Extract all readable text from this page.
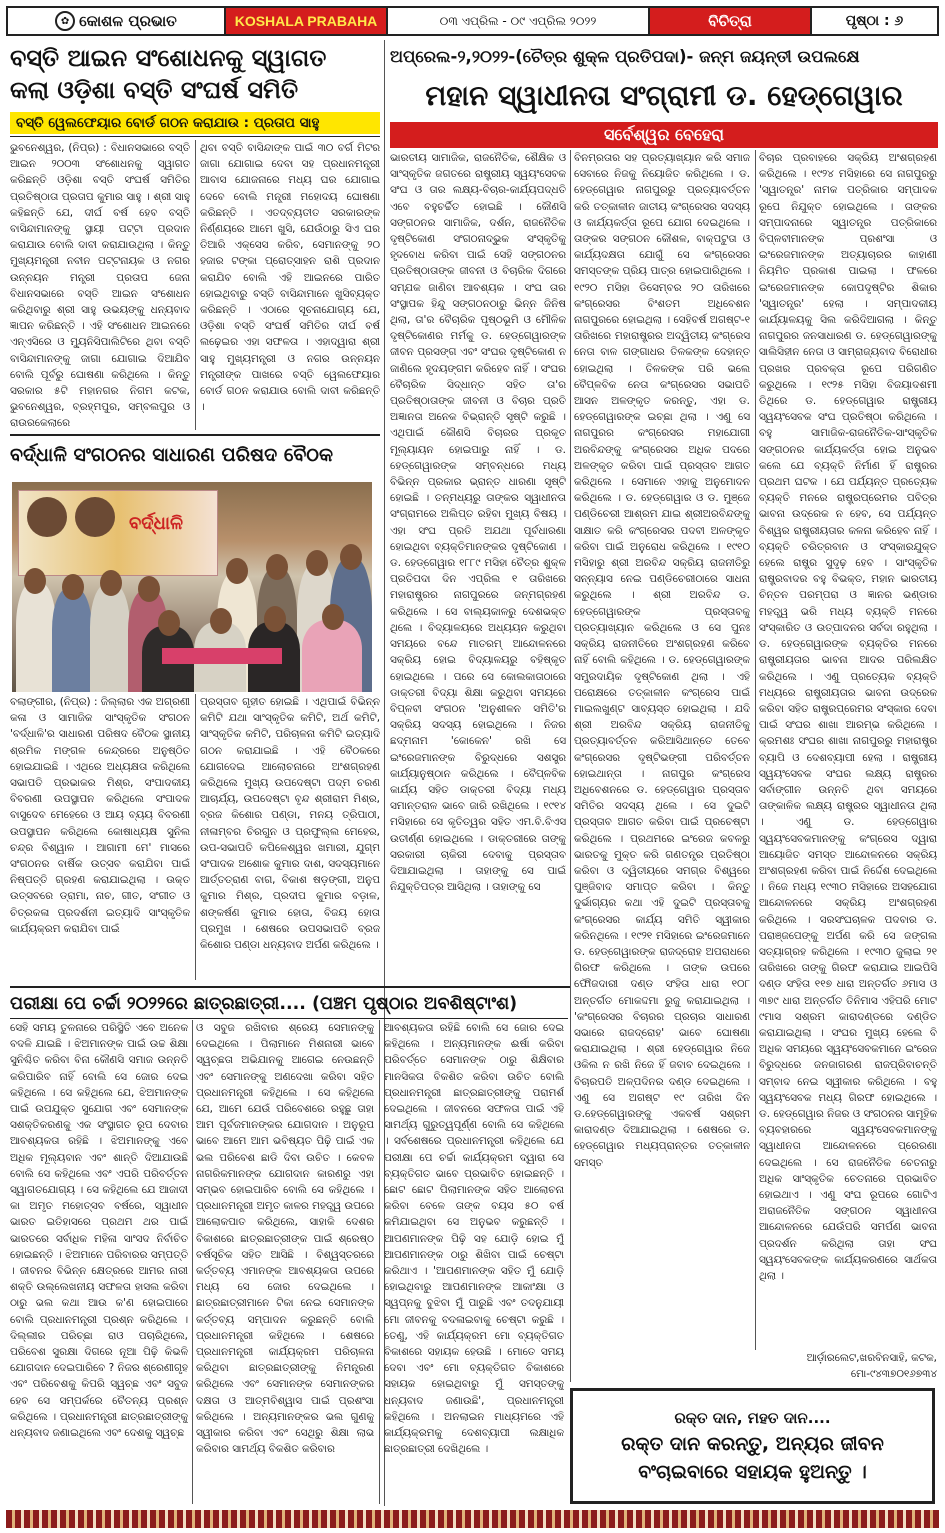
✿ କୋଶଳ ପ୍ରଭାତ	KOSHALA PRABAHA	୦୩ ଏପ୍ରିଲ - ୦୯ ଏପ୍ରିଲ ୨୦୨୨	ବିଚିତ୍ରା	ପୃଷ୍ଠା : ୬
ବସ୍ତି ଆଇନ ସଂଶୋଧନକୁ ସ୍ୱାଗତ
କଲା ଓଡ଼ିଶା ବସ୍ତି ସଂଘର୍ଷ ସମିତି
ବସ୍ତି ୱେଲଫେୟାର ବୋର୍ଡ ଗଠନ କରାଯାଉ : ପ୍ରତାପ ସାହୁ
ଭୁବନେଶ୍ୱର, (ନିପ୍ର) : ବିଧାନସଭାରେ ବସ୍ତି ଆଇନ ୨୦୦୩ ସଂଶୋଧନକୁ ସ୍ୱାଗତ କରିଛନ୍ତି ଓଡ଼ିଶା ବସ୍ତି ସଂଘର୍ଷ ସମିତିର ପ୍ରତିଷ୍ଠାତା ପ୍ରତାପ କୁମାର ସାହୁ । ଶ୍ରୀ ସାହୁ କହିଛନ୍ତି ଯେ, ଦୀର୍ଘ ବର୍ଷ ହେବ ବସ୍ତି ବାସିନ୍ଦାମାନଙ୍କୁ ସ୍ଥାୟୀ ପଟ୍ଟା ପ୍ରଦାନ କରାଯାଉ ବୋଲି ଦାବୀ କରାଯାଉଥିଲା । କିନ୍ତୁ ମୁଖ୍ୟମନ୍ତ୍ରୀ ନବୀନ ପଟ୍ଟନାୟକ ଓ ନଗର ଉନ୍ନୟନ ମନ୍ତ୍ରୀ ପ୍ରତାପ ଜେନା ବିଧାନସଭାରେ ବସ୍ତି ଆଇନ ସଂଶୋଧନ କରିଥିବାରୁ ଶ୍ରୀ ସାହୁ ଉଭୟଙ୍କୁ ଧନ୍ୟବାଦ ଜ୍ଞାପନ କରିଛନ୍ତି । ଏହି ସଂଶୋଧନ ଆଇନରେ ଏନ୍ଏସିରେ ଓ ମ୍ୟୁନିସିପାଲିଟିରେ ଥିବା ବସ୍ତି ବାସିନ୍ଦାମାନଙ୍କୁ ଜାଗା ଯୋଗାଇ ଦିଆଯିବ ବୋଲି ପୂର୍ବରୁ ଘୋଷଣା କରିଥିଲେ । କିନ୍ତୁ ସରକାର ୫ଟି ମହାନଗର ନିଗମ କଟକ, ଭୁବନେଶ୍ୱର, ବ୍ରହ୍ମପୁର, ସମ୍ବଲପୁର ଓ ରାଉରକେଲାରେ
ଥିବା ବସ୍ତି ବାସିନ୍ଦାଙ୍କ ପାଇଁ ୩୦ ବର୍ଗ ମିଟର ଜାଗା ଯୋଗାଇ ଦେବା ସହ ପ୍ରଧାନମନ୍ତ୍ରୀ ଆବାସ ଯୋଜନାରେ ମଧ୍ୟ ଘର ଯୋଗାଇ ଦେବେ ବୋଲି ମନ୍ତ୍ରୀ ମହୋଦୟ ଘୋଷଣା କରିଛନ୍ତି । ଏତଦ୍‌ବ୍ୟତୀତ ସରକାରଙ୍କ ନିର୍ଣ୍ଣୟରେ ଆମେ ଖୁସି, ଯେଉଁଠାରୁ ସିଏ ଘର ତିଆରି ଏକ୍ସେସ କରିବ, ସେମାନଙ୍କୁ ୨୦ ହଜାର ଟଙ୍କା ପ୍ରୋତ୍ସାହନ ରାଶି ପ୍ରଦାନ କରାଯିବ ବୋଲି ଏହି ଆଇନରେ ପାରିତ ହୋଇଥିବାରୁ ବସ୍ତି ବାସିନ୍ଦାମାନେ ଖୁସିବ୍ୟକ୍ତ କରିଛନ୍ତି । ଏଠାରେ ସୂଚନାଯୋଗ୍ୟ ଯେ, ଓଡ଼ିଶା ବସ୍ତି ସଂଘର୍ଷ ସମିତିର ଦୀର୍ଘ ବର୍ଷ ଲଢ଼େଇର ଏହା ସଫଳତା । ଏହାଦ୍ୱାରା ଶ୍ରୀ ସାହୁ ମୁଖ୍ୟମନ୍ତ୍ରୀ ଓ ନଗର ଉନ୍ନୟନ ମନ୍ତ୍ରୀଙ୍କ ପାଖରେ ବସ୍ତି ୱେଲଫେୟାର ବୋର୍ଡ ଗଠନ କରାଯାଉ ବୋଲି ଦାବୀ କରିଛନ୍ତି ।
ବର୍ଦ୍ଧାଳି ସଂଗଠନର ସାଧାରଣ ପରିଷଦ ବୈଠକ
ବର୍ଦ୍ଧାଳି
ବଲାଙ୍ଗୀର, (ନିପ୍ର) : ଜିଲ୍ଲାର ଏକ ଅଗ୍ରଣୀ କଳା ଓ ସାମାଜିକ ସାଂସ୍କୃତିକ ସଂଗଠନ 'ବର୍ଦ୍ଧାଳି'ର ସାଧାରଣ ପରିଷଦ ବୈଠକ ସ୍ଥାନୀୟ ଶ୍ରମିକ ମଙ୍ଗଳ କେନ୍ଦ୍ରରେ ଅନୁଷ୍ଠିତ ହୋଇଯାଇଛି । ଏଥିରେ ଅଧ୍ୟକ୍ଷତା କରିଥିଲେ ସଭାପତି ପ୍ରଭାକର ମିଶ୍ର, ସଂପାଦକୀୟ ବିବରଣୀ ଉପସ୍ଥାପନ କରିଥିଲେ ସଂପାଦକ ବାସୁଦେବ ମେହେରେ ଓ ଆୟ ବ୍ୟୟ ବିବରଣୀ ଉପସ୍ଥାପନ କରିଥିଲେ କୋଷାଧ୍ୟକ୍ଷ ସୁନିଲ ଚନ୍ଦ୍ର ବିଶ୍ୱାଳ । ଆଗାମୀ ମେ' ମାସରେ ସଂଗଠନର ବାର୍ଷିକ ଉତ୍ସବ କରାଯିବା ପାଇଁ ନିଷ୍ପତ୍ତି ଗ୍ରହଣ କରାଯାଇଥିଲା । ଉକ୍ତ ଉତ୍ସବରେ ଡ୍ରାମା, ନାଚ, ଗୀତ, ସଂଗୀତ ଓ ଚିତ୍ରକଳା ପ୍ରଦର୍ଶନୀ ଇତ୍ୟାଦି ସାଂସ୍କୃତିକ କାର୍ଯ୍ୟକ୍ରମ କରାଯିବା ପାଇଁ
ପ୍ରସ୍ତାବ ଗୃହୀତ ହୋଇଛି । ଏଥିପାଇଁ ବିଭିନ୍ନ କମିଟି ଯଥା ସାଂସ୍କୃତିକ କମିଟି, ଅର୍ଥ କମିଟି, ସାଂସ୍କୃତିକ କମିଟି, ପରିଚାଳନା କମିଟି ଇତ୍ୟାଦି ଗଠନ କରାଯାଇଛି । ଏହି ବୈଠକରେ ଯୋଗଦେଇ ଆଲୋଚନାରେ ଅଂଶଗ୍ରହଣ କରିଥିଲେ ମୁଖ୍ୟ ଉପଦେଷ୍ଟା ପଦ୍ମ ଚରଣ ଆଚାର୍ଯ୍ୟ, ଉପଦେଷ୍ଟା ବୃନ୍ଦ ଶ୍ରୀରାମ ମିଶ୍ର, ବ୍ରଜ କିଶୋର ପଣ୍ଡା, ମନୟ ତ୍ରିପାଠୀ, ନୀଳାମ୍ବର ଚିରଗୁନ ଓ ପ୍ରଫୁଲ୍ଲ ମେହେର, ଉପ-ସଭାପତି କପିଳେଶ୍ୱର ଖମାରୀ, ଯୁଗ୍ମ ସଂପାଦକ ଅଶୋକ କୁମାର ଦାଶ, ସଦସ୍ୟମାନେ ଆର୍ତ୍ତତ୍ରାଣ ବାଗ, ବିକାଶ ଷଡ଼ଙ୍ଗୀ, ଅନୁପ କୁମାର ମିଶ୍ର, ପ୍ରଦୀପ କୁମାର ବଡ଼ାଳ, ଶଙ୍କର୍ଷଣ କୁମାର ହୋତା, ବିଜୟ ହୋତା ପ୍ରମୁଖ । ଶେଷରେ ଉପସଭାପତି ବ୍ରଜ କିଶୋର ପଣ୍ଡା ଧନ୍ୟବାଦ ଅର୍ପଣ କରିଥିଲେ ।
ପରୀକ୍ଷା ପେ ଚର୍ଚ୍ଚା ୨୦୨୨ରେ ଛାତ୍ରଛାତ୍ରୀ.... (ପଞ୍ଚମ ପୃଷ୍ଠାର ଅବଶିଷ୍ଟାଂଶ)
ସେହି ସମୟ ତୁଳନାରେ ପରିସ୍ଥିତି ଏବେ ଅନେକ ବଦଳି ଯାଇଛି । ଝିଅମାନଙ୍କ ପାଇଁ ଉଚ୍ଚ ଶିକ୍ଷା ସୁନିଶ୍ଚିତ କରିବା ବିନା କୌଣସି ସମାଜ ଉନ୍ନତି କରିପାରିବ ନାହିଁ ବୋଲି ସେ ଜୋର ଦେଇ କହିଥିଲେ । ସେ କହିଥିଲେ ଯେ, ଝିଅମାନଙ୍କ ପାଇଁ ଉପଯୁକ୍ତ ସୁଯୋଗ ଏବଂ ସେମାନଙ୍କ ସଶକ୍ତିକରଣକୁ ଏକ ସଂସ୍ଥାଗତ ରୂପ ଦେବାର ଆବଶ୍ୟକତା ରହିଛି । ଝିଅମାନଙ୍କୁ ଏବେ ଅଧିକ ମୂଲ୍ୟବାନ ଏବଂ ଶାନ୍ତି ଦିଆଯାଉଛି ବୋଲି ସେ କହିଥିଲେ ଏବଂ ଏପରି ପରିବର୍ତ୍ତନ ସ୍ୱାଗତଯୋଗ୍ୟ । ସେ କହିଥିଲେ ଯେ ଆଜାଦୀ କା ଅମୃତ ମହୋତ୍ସବ ବର୍ଷରେ, ସ୍ୱାଧୀନ ଭାରତ ଇତିହାସରେ ପ୍ରଥମ ଥର ପାଇଁ ଭାରତରେ ସର୍ବାଧିକ ମହିଳା ସାଂସଦ ନିର୍ବାଚିତ ହୋଇଛନ୍ତି । ଝିଅମାନେ ପରିବାରର ସମ୍ପତ୍ତି । ଜୀବନର ବିଭିନ୍ନ କ୍ଷେତ୍ରରେ ଆମର ନାରୀ ଶକ୍ତି ଉଲ୍ଲେଖନୀୟ ସଫଳତା ହାସଲ କରିବା ଠାରୁ ଭଲ କଥା ଆଉ କ'ଣ ହୋଇପାରେ ବୋଲି ପ୍ରଧାନମନ୍ତ୍ରୀ ପ୍ରଶ୍ନ କରିଥିଲେ । ଦିଲ୍ଲୀର ପରିଚ୍ଛା ରାଓ ପଚାରିଥିଲେ, ପରିବେଶ ସୁରକ୍ଷା ଦିଗରେ ନୂଆ ପିଢ଼ି କିଭଳି ଯୋଗଦାନ ଦେଇପାରିବେ ? ନିଜର ଶ୍ରେଣୀଗୃହ ଏବଂ ପରିବେଶକୁ କିପରି ସ୍ୱଚ୍ଛ ଏବଂ ସବୁଜ ହେବ ସେ ସମ୍ପର୍କରେ ଚୈତନ୍ୟ ପ୍ରଶ୍ନ କରିଥିଲେ । ପ୍ରଧାନମନ୍ତ୍ରୀ ଛାତ୍ରଛାତ୍ରୀଙ୍କୁ ଧନ୍ୟବାଦ ଜଣାଇଥିଲେ ଏବଂ ଦେଶକୁ ସ୍ୱଚ୍ଛ
ଓ ସବୁଜ ରଖିବାର ଶ୍ରେୟ ସେମାନଙ୍କୁ ଦେଇଥିଲେ । ପିଲାମାନେ ମିଶନାରୀ ଭାବେ ସ୍ୱଚ୍ଛତା ଅଭିଯାନକୁ ଆଗେଇ ନେଉଛନ୍ତି ଏବଂ ସେମାନଙ୍କୁ ଅଣଦେଖା କରିବା ସହିତ ପ୍ରଧାନମନ୍ତ୍ରୀ କହିଥିଲେ । ସେ କହିଥିଲେ ଯେ, ଆମେ ଯେଉଁ ପରିବେଶରେ ରହୁଛୁ ତାହା ଆମ ପୂର୍ବଜମାନଙ୍କର ଯୋଗଦାନ । ଅନୁରୂପ ଭାବେ ଆମେ ଆମ ଭବିଷ୍ୟତ ପିଢ଼ି ପାଇଁ ଏକ ଭଲ ପରିବେଶ ଛାଡି ଦିବା ଉଚିତ । କେବଳ ନାଗରିକମାନଙ୍କ ଯୋଗଦାନ କାରଣରୁ ଏହା ସମ୍ଭବ ହୋଇପାରିବ ବୋଲି ସେ କହିଥିଲେ । ପ୍ରଧାନମନ୍ତ୍ରୀ ଅମୃତ କାଳର ମହତ୍ତ୍ୱ ଉପରେ ଆଲୋକପାତ କରିଥିଲେ, ସାହାକି ଦେଶର ବିକାଶରେ ଛାତ୍ରଛାତ୍ରୀଙ୍କ ପାଇଁ ଶ୍ରେଷ୍ଠ ବର୍ଷସୂଚିକ ସହିତ ଆସିଛି । ବିଶ୍ୱସ୍ତରରେ କର୍ତ୍ତବ୍ୟ ଏମାନଙ୍କ ଆବଶ୍ୟକତା ଉପରେ ମଧ୍ୟ ସେ ଜୋର ଦେଇଥିଲେ । ଛାତ୍ରଛାତ୍ରୀମାନେ ଟିକା ନେଇ ସେମାନଙ୍କ କର୍ତ୍ତବ୍ୟ ସମ୍ପାଦନ କରୁଛନ୍ତି ବୋଲି ପ୍ରଧାନମନ୍ତ୍ରୀ କହିଥିଲେ । ଶେଷରେ ପ୍ରଧାନମନ୍ତ୍ରୀ କାର୍ଯ୍ୟକ୍ରମ ପରିଚାଳନା କରିଥିବା ଛାତ୍ରଛାତ୍ରୀଙ୍କୁ ନିମନ୍ତ୍ରଣ କରିଥିଲେ ଏବଂ ସେମାନଙ୍କ ସେମାନଙ୍କର ଦକ୍ଷତା ଓ ଆତ୍ମବିଶ୍ୱାସ ପାଇଁ ପ୍ରଶଂସା କରିଥିଲେ । ଅନ୍ୟମାନଙ୍କର ଭଲ ଗୁଣକୁ ସ୍ୱୀକାର କରିବା ଏବଂ ସେଥିରୁ ଶିକ୍ଷା ଲାଭ କରିବାର ସାମର୍ଥ୍ୟ ବିକଶିତ କରିବାର
ଆବଶ୍ୟକତା ରହିଛି ବୋଲି ସେ ଜୋର ଦେଇ କହିଥିଲେ । ଅନ୍ୟମାନଙ୍କ ଈର୍ଷା କରିବା ପରିବର୍ତ୍ତେ ସେମାନଙ୍କ ଠାରୁ ଶିକ୍ଷିବାର ମାନସିକତା ବିକଶିତ କରିବା ଉଚିତ ବୋଲି ପ୍ରଧାନମନ୍ତ୍ରୀ ଛାତ୍ରଛାତ୍ରୀଙ୍କୁ ପରାମର୍ଶ ଦେଇଥିଲେ । ଜୀବନରେ ସଫଳତା ପାଇଁ ଏହି ସାମର୍ଥ୍ୟ ଗୁରୁତ୍ୱପୂର୍ଣ୍ଣ ବୋଲି ସେ କହିଥିଲେ । ସର୍ବଶେଷରେ ପ୍ରଧାନମନ୍ତ୍ରୀ କହିଥିଲେ ଯେ ପରୀକ୍ଷା ପେ ଚର୍ଚ୍ଚା କାର୍ଯ୍ୟକ୍ରମ ଦ୍ୱାରା ସେ ବ୍ୟକ୍ତିଗତ ଭାବେ ପ୍ରଭାବିତ ହୋଇଛନ୍ତି । ଛୋଟ ଛୋଟ ପିଲାମାନଙ୍କ ସହିତ ଆଲୋଚନା କରିବା ବେଳେ ତାଙ୍କ ବୟସ ୫୦ ବର୍ଷ କମିଯାଇଥିବା ସେ ଅନୁଭବ କରୁଛନ୍ତି । ଆପଣମାନଙ୍କ ପିଢ଼ି ସହ ଯୋଡ଼ି ହୋଇ ମୁଁ ଆପଣମାନଙ୍କ ଠାରୁ ଶିଖିବା ପାଇଁ ଚେଷ୍ଟା କରିଥାଏ । 'ଆପଣମାନଙ୍କ ସହିତ ମୁଁ ଯୋଡ଼ି ହୋଇଥିବାରୁ ଆପଣମାନଙ୍କ ଆକାଂକ୍ଷା ଓ ସ୍ୱପ୍ନକୁ ବୁଝିବା ମୁଁ ପାରୁଛି ଏବଂ ତଦନୁଯାୟୀ ମୋ ଜୀବନକୁ ବଦଳାଇବାକୁ ଚେଷ୍ଟା କରୁଛି । ତେଣୁ, ଏହି କାର୍ଯ୍ୟକ୍ରମ ମୋ ବ୍ୟକ୍ତିଗତ ବିକାଶରେ ସହାୟକ ହେଉଛି । ମୋତେ ସମୟ ଦେବା ଏବଂ ମୋ ବ୍ୟକ୍ତିଗତ ବିକାଶରେ ସହାୟକ ହୋଇଥିବାରୁ ମୁଁ ସମସ୍ତଙ୍କୁ ଧନ୍ୟବାଦ ଜଣାଉଛି', ପ୍ରଧାନମନ୍ତ୍ରୀ କହିଥିଲେ । ଅନଲାଇନ ମାଧ୍ୟମରେ ଏହି କାର୍ଯ୍ୟକ୍ରମକୁ ଦେଶବ୍ୟାପୀ ଲକ୍ଷାଧିକ ଛାତ୍ରଛାତ୍ରୀ ଦେଖିଥିଲେ ।
ଅପ୍ରେଲ-୨,୨୦୨୨-(ଚୈତ୍ର ଶୁକ୍ଳ ପ୍ରତିପଦା)- ଜନ୍ମ ଜୟନ୍ତୀ ଉପଲକ୍ଷେ
ମହାନ ସ୍ୱାଧୀନତା ସଂଗ୍ରାମୀ ଡ. ହେଡ୍‌ଗେୱାର
ସର୍ବେଶ୍ୱର ବେହେରା
ଭାରତୀୟ ସାମାଜିକ, ରାଜନୈତିକ, ଶୈକ୍ଷିକ ଓ ସାଂସ୍କୃତିକ ଜଗତରେ ରାଷ୍ଟ୍ରୀୟ ସ୍ୱୟଂସେବକ ସଂଘ ଓ ତାର ଲକ୍ଷ୍ୟ-ବିଚାର-କାର୍ଯ୍ୟପଦ୍ଧତି ଏବେ ବହୁଚର୍ଚ୍ଚିତ ହୋଇଛି । କୌଣସି ସଙ୍ଗଠନର ସାମାଜିକ, ଦର୍ଶନ, ରାଜନୈତିକ ଦୃଷ୍ଟିକୋଣ ସଂଗଠନାଦ୍ଭୁକ ସଂସ୍କୃତିକୁ ହୃଦବୋଧ କରିବା ପାଇଁ ସେହି ସଙ୍ଗଠନର ପ୍ରତିଷ୍ଠାତାଙ୍କ ଜୀବନୀ ଓ ବିଚାରିକ ଦିଗରେ ସମ୍ଯକ ଜାଣିବା ଆବଶ୍ୟକ । ସଂଘ ତାର ସଂସ୍ଥାପକ ହିନ୍ଦୁ ସଙ୍ଗଠନଠାରୁ ଭିନ୍ନ ଜିନିଷ ଥିଲା, ତା'ର ବୈଚାରିକ ପୃଷ୍ଠଭୂମି ଓ ମୌଳିକ ଦୃଷ୍ଟିକୋଣର ମର୍ମକୁ ଡ. ହେଡ୍‌ଗେୱାରଙ୍କ ଜୀବନ ପ୍ରସଙ୍ଗ ଏବଂ ସଂଘର ଦୃଷ୍ଟିକୋଣ ନ ଜାଣିଲେ ହୃଦୟଙ୍ଗମ କରିହେବ ନାହିଁ । ସଂଘର ବୈଚାରିକ ସିଦ୍ଧାନ୍ତ ସହିତ ତା'ର ପ୍ରତିଷ୍ଠାତାଙ୍କ ଜୀବନୀ ଓ ବିଚାର ପ୍ରତି ଅଜ୍ଞାନତା ଅନେକ ବିଭ୍ରାନ୍ତି ସୃଷ୍ଟି କରୁଛି । ଏଥିପାଇଁ କୌଣସି ବିଚାରର ପ୍ରକୃତ ମୂଲ୍ୟାୟନ ହୋଇପାରୁ ନାହିଁ । ଡ. ହେଡ୍‌ଗେୱାରଙ୍କ ସମ୍ବନ୍ଧରେ ମଧ୍ୟ ବିଭିନ୍ନ ପ୍ରକାର ଭ୍ରାନ୍ତ ଧାରଣା ସୃଷ୍ଟି ହୋଇଛି । ତନ୍ମଧ୍ୟରୁ ତାଙ୍କର ସ୍ୱାଧୀନତା ସଂଗ୍ରାମରେ ଅଲିପ୍ତ ରହିବା ମୁଖ୍ୟ ବିଷୟ । ଏହା ସଂଘ ପ୍ରତି ଅଯଥା ପୂର୍ବଧାରଣା ହୋଇଥିବା ବ୍ୟକ୍ତିମାନଙ୍କର ଦୃଷ୍ଟିକୋଣ । ଡ. ହେଡ୍‌ଗେୱାର ୧୮୮୯ ମସିହା ଚୈତ୍ର ଶୁକ୍ଳ ପ୍ରତିପଦା ଦିନ ଏପ୍ରିଲ ୧ ତାରିଖରେ ମହାରାଷ୍ଟ୍ରର ନାଗପୁରରେ ଜନ୍ମଗ୍ରହଣ କରିଥିଲେ । ସେ ବାଲ୍ୟକାଳରୁ ଦେଶଭକ୍ତ ଥିଲେ । ବିଦ୍ୟାଳୟରେ ଅଧ୍ୟୟନ କରୁଥିବା ସମୟରେ ବନ୍ଦେ ମାତରମ୍ ଆନ୍ଦୋଳନରେ ସକ୍ରିୟ ହୋଇ ବିଦ୍ୟାଳୟରୁ ବହିଷ୍କୃତ ହୋଇଥିଲେ । ପରେ ସେ କୋଲକାତାଠାରେ ଡାକ୍ତରୀ ବିଦ୍ୟା ଶିକ୍ଷା କରୁଥିବା ସମୟରେ ବିପ୍ଳବୀ ସଂଗଠନ 'ଅନୁଶୀଳନ ସମିତି'ର ସକ୍ରିୟ ସଦସ୍ୟ ହୋଇଥିଲେ । ନିଜର ଛଦ୍ମନାମ 'କୋକେନ' ରଖି ସେ ଇଂରେଜମାନଙ୍କ ବିରୁଦ୍ଧରେ ସଶସ୍ତ୍ର କାର୍ଯ୍ୟାନୁଷ୍ଠାନ କରିଥିଲେ । ବୈପ୍ଳବିକ କାର୍ଯ୍ୟ ସହିତ ଡାକ୍ତରୀ ବିଦ୍ୟା ମଧ୍ୟ ସମାନ୍ତରାଳ ଭାବେ ଜାରି ରଖିଥିଲେ । ୧୯୧୪ ମସିହାରେ ସେ କୃତିତ୍ୱର ସହିତ ଏମ.ବି.ବିଏସ ଉତୀର୍ଣ୍ଣ ହୋଇଥିଲେ । ଡାକ୍ତରୀରେ ତାଙ୍କୁ ସରକାରୀ ଚାକିରୀ ଦେବାକୁ ପ୍ରସ୍ତାବ ଦିଆଯାଇଥିଲା । ତାହାଙ୍କୁ ସେ ପାଇଁ ନିଯୁକ୍ତିପତ୍ର ଆସିଥିଲା । ତାହାଙ୍କୁ ସେ
ବିନମ୍ରତାର ସହ ପ୍ରତ୍ୟାଖ୍ୟାନ କରି ସମାଜ ସେବାରେ ନିଜକୁ ନିୟୋଜିତ କରିଥିଲେ । ଡ. ହେଡ୍‌ଗେୱାର ନାଗପୁରରୁ ପ୍ରତ୍ୟାବର୍ତ୍ତନ କରି ତତ୍କାଳୀନ ଜାତୀୟ କଂଗ୍ରେସର ସଦସ୍ୟ ଓ କାର୍ଯ୍ୟକର୍ତ୍ତା ରୂପେ ଯୋଗ ଦେଇଥିଲେ । ତାଙ୍କର ସଙ୍ଗଠନ କୌଶଳ, ବାକ୍‌ପଟୁତା ଓ କାର୍ଯ୍ୟଦକ୍ଷତା ଯୋଗୁଁ ସେ କଂଗ୍ରେସର ସମସ୍ତଙ୍କ ପ୍ରିୟ ପାତ୍ର ହୋଇପାରିଥିଲେ । ୧୯୨୦ ମସିହା ଡିସେମ୍ବର ୨୦ ତାରିଖରେ କଂଗ୍ରେସର ବିଂଶତମ ଅଧିବେଶନ ନାଗପୁରରେ ହୋଇଥିଲା । ସେହିବର୍ଷ ଅଗଷ୍ଟ-୧ ତାରିଖରେ ମହାରାଷ୍ଟ୍ରର ଅଦ୍ୱିତୀୟ କଂଗ୍ରେସ ନେତା ବାଳ ଗଙ୍ଗାଧର ତିଳକଙ୍କ ଦେହାନ୍ତ ହୋଇଥିଲା । ତିଳକଙ୍କ ପରି ଭଲେ ବୈପ୍ଳବିକ ନେତା କଂଗ୍ରେସର ସଭାପତି ଆସନ ଅଳଙ୍କୃତ କରନ୍ତୁ, ଏହା ଡ. ହେଡ୍‌ଗେୱାରଙ୍କ ଇଚ୍ଛା ଥିଲା । ଏଣୁ ସେ ନାଗପୁରର କଂଗ୍ରେସର ମହାଯୋଗୀ ଅରବିନ୍ଦଙ୍କୁ କଂଗ୍ରେସର ଅଧିକ ପଦରେ ଅଳଙ୍କୃତ କରିବା ପାଇଁ ପ୍ରସ୍ତାବ ଆଗତ କରିଥିଲେ । ସେମାନେ ଏହାକୁ ଅନୁମୋଦନ କରିଥିଲେ । ଡ. ହେଡ୍‌ଗେୱାର ଓ ଡ. ମୁଞ୍ଜେ ପଣ୍ଡିଚେରୀ ଆଶ୍ରମ ଯାଇ ଶ୍ରୀଅରବିନ୍ଦଙ୍କୁ ସାକ୍ଷାତ କରି କଂଗ୍ରେସର ପଦବୀ ଅଳଙ୍କୃତ କରିବା ପାଇଁ ଅନୁରୋଧ କରିଥିଲେ । ୧୯୧୦ ମସିହାରୁ ଶ୍ରୀ ଅରବିନ୍ଦ ସକ୍ରିୟ ରାଜନୀତିରୁ ସନ୍ନ୍ୟାସ ନେଇ ପଣ୍ଡିଚେରୀଠାରେ ସାଧନା କରୁଥିଲେ । ଶ୍ରୀ ଅରବିନ୍ଦ ଡ. ହେଡ୍‌ଗେୱାରଙ୍କ ପ୍ରସ୍ତାବକୁ ପ୍ରତ୍ୟାଖ୍ୟାନ କରିଥିଲେ ଓ ସେ ପୁନଃ ସକ୍ରିୟ ରାଜନୀତିରେ ଅଂଶଗ୍ରହଣ କରିବେ ନାହିଁ ବୋଲି କହିଥିଲେ । ଡ. ହେଡ୍‌ଗେୱାରଙ୍କ ସମ୍ପ୍ରଦାୟିକ ଦୃଷ୍ଟିକୋଣ ଥିଲା । ଏହି ପରୋକ୍ଷରେ ତତ୍କାଳୀନ କଂଗ୍ରେସ ପାଇଁ ମାଇଲଖୁଣ୍ଟ ସାବ୍ୟସ୍ତ ହୋଇଥିଲା । ଯଦି ଶ୍ରୀ ଅରବିନ୍ଦ ସକ୍ରିୟ ରାଜନୀତିକୁ ପ୍ରତ୍ୟାବର୍ତ୍ତନ କରିଆସିଥାନ୍ତେ ତେବେ କଂଗ୍ରେସର ଦୃଷ୍ଟିଭଙ୍ଗୀ ପରିବର୍ତ୍ତନ ହୋଇଥାନ୍ତା । ନାଗପୁର କଂଗ୍ରେସ ଅଧିବେଶନରେ ଡ. ହେଡ୍‌ଗେୱାର ପ୍ରସ୍ତାବ ସମିତିର ସଦସ୍ୟ ଥିଲେ । ସେ ଦୁଇଟି ପ୍ରସ୍ତାବ ଆଗତ କରିବା ପାଇଁ ପ୍ରଚେଷ୍ଟା କରିଥିଲେ । ପ୍ରଥମରେ ଇଂରେଜ କବଳରୁ ଭାରତକୁ ମୁକ୍ତ କରି ଗଣତନ୍ତ୍ର ପ୍ରତିଷ୍ଠା କରିବା ଓ ଦ୍ୱିତୀୟରେ ସମଗ୍ର ବିଶ୍ୱରେ ପୁଞ୍ଜିବାଦ ସମାପ୍ତ କରିବା । କିନ୍ତୁ ଦୁର୍ଭାଗ୍ୟର କଥା ଏହି ଦୁଇଟି ପ୍ରସ୍ତାବକୁ କଂଗ୍ରେସର କାର୍ଯ୍ୟ ସମିତି ସ୍ୱୀକାର କରିନଥିଲେ । ୧୯୨୧ ମସିହାରେ ଇଂରେଜମାନେ ଡ. ହେଡ୍‌ଗେୱାରଙ୍କ ରାଜଦ୍ରୋହ ଅପରାଧରେ ଗିରଫ କରିଥିଲେ । ତାଙ୍କ ଉପରେ ଫୌଜଦାରୀ ଦଣ୍ଡ ସଂହିତା ଧାରା ୧୦୮ ଅନ୍ତର୍ଗତ ମୋକଦ୍ଦମା ରୁଜୁ କରାଯାଇଥିଲା । 'କଂଗ୍ରେସର ବିଚାରର ପ୍ରଚାର ସାଧାରଣ ସଭାରେ ରାଜଦ୍ରୋହ' ଭାବେ ଘୋଷଣା କରାଯାଇଥିଲା । ଶ୍ରୀ ହେଡ୍‌ଗେୱାର ନିଜେ ଓକିଲ ନ ରଖି ନିଜେ ହିଁ ଜବାବ ଦେଇଥିଲେ । ବିଚାରପତି ଅଳ୍ପଦିନର ଦଣ୍ଡ ଦେଇଥିଲେ । ଏଣୁ ସେ ଅଗଷ୍ଟ ୧୯ ତାରିଖ ଦିନ ଡ.ହେଡ୍‌ଗେୱାରଙ୍କୁ ଏକବର୍ଷ ସଶ୍ରମ କାରାଦଣ୍ଡ ଦିଆଯାଇଥିଲା । ଶେଷରେ ଡ. ହେଡ୍‌ଗେୱାର ମଧ୍ୟପ୍ରାନ୍ତର ତତ୍କାଳୀନ ସମସ୍ତ
ବିଚାର ପ୍ରବାହରେ ସକ୍ରିୟ ଅଂଶଗ୍ରହଣ କରିଥିଲେ । ୧୯୨୪ ମସିହାରେ ସେ ନାଗପୁରରୁ 'ସ୍ୱାତନ୍ତ୍ର' ନାମକ ପତ୍ରିକାର ସମ୍ପାଦକ ରୂପେ ନିଯୁକ୍ତ ହୋଇଥିଲେ । ତାଙ୍କର ସମ୍ପାଦନାରେ ସ୍ୱାତନ୍ତ୍ର ପତ୍ରିକାରେ ବିପ୍ଳବୀମାନଙ୍କ ପ୍ରଶଂସା ଓ ଇଂରେଜମାନଙ୍କ ଅତ୍ୟାଚାରର କାହାଣୀ ନିୟମିତ ପ୍ରକାଶ ପାଇଲା । ଫଳରେ ଇଂରେଜମାନଙ୍କ କୋପଦୃଷ୍ଟିର ଶିକାର 'ସ୍ୱାତନ୍ତ୍ର' ହେଲା । ସମ୍ପାଦକୀୟ କାର୍ଯ୍ୟାଳୟକୁ ସିଲ କରିଦିଆଗଲା । କିନ୍ତୁ ନାଗପୁରର ଜନସାଧାରଣ ଡ. ହେଡ୍‌ଗେୱାରଙ୍କୁ ସାଲିସିହୀନ ନେତା ଓ ସାମ୍ରାଜ୍ୟବାଦ ବିରୋଧୀର ପ୍ରଖର ପ୍ରବକ୍ତା ରୂପେ ପରିଗଣିତ କରୁଥିଲେ । ୧୯୨୫ ମସିହା ବିଜୟାଦଶମୀ ତିଥିରେ ଡ. ହେଡ୍‌ଗେୱାର ରାଷ୍ଟ୍ରୀୟ ସ୍ୱୟଂସେବକ ସଂଘ ପ୍ରତିଷ୍ଠା କରିଥିଲେ । ବହୁ ସାମାଜିକ-ରାଜନୈତିକ-ସାଂସ୍କୃତିକ ସଙ୍ଗଠନର କାର୍ଯ୍ୟକର୍ତ୍ତା ହୋଇ ଅନୁଭବ କଲେ ଯେ ବ୍ୟକ୍ତି ନିର୍ମାଣ ହିଁ ରାଷ୍ଟ୍ରର ପ୍ରଥମ ଘଟକ । ଯେ ପର୍ଯ୍ୟନ୍ତ ପ୍ରତ୍ୟେକ ବ୍ୟକ୍ତି ମନରେ ରାଷ୍ଟ୍ରପ୍ରେମର ପବିତ୍ର ଭାବନା ଉଦ୍ରେକ ନ ହେବ, ସେ ପର୍ଯ୍ୟନ୍ତ ବିଶ୍ୱର ରାଷ୍ଟ୍ରୀୟତାର କଳନା କରିହେବ ନାହିଁ । ବ୍ୟକ୍ତି ଚରିତ୍ରବାନ ଓ ସଂସ୍କାରଯୁକ୍ତ ହେଲେ ରାଷ୍ଟ୍ର ସୁଦୃଢ଼ ହେବ । ସାଂସ୍କୃତିକ ରାଷ୍ଟ୍ରବାଦର ବହୁ ବିଭକ୍ତ, ମହାନ ଭାରତୀୟ ଚିନ୍ତନ ପରମ୍ପରା ଓ ଜ୍ଞାନର ଭଣ୍ଡାର ମହତ୍ତ୍ୱ ଭରି ମଧ୍ୟ ବ୍ୟକ୍ତି ମନରେ ସଂସ୍କାରିତ ଓ ଉତ୍ପାଦନର ସର୍ବଦା ରହୁଥିଲା । ଡ. ହେଡ୍‌ଗେୱାରଙ୍କ ବ୍ୟକ୍ତିର ମନରେ ରାଷ୍ଟ୍ରୀୟତାର ଭାବନା ଆଦର ପରିଲକ୍ଷିତ କରିଥିଲେ । ଏଣୁ ପ୍ରତ୍ୟେକ ବ୍ୟକ୍ତି ମଧ୍ୟରେ ରାଷ୍ଟ୍ରୀୟତାର ଭାବନା ଉଦ୍ରେକ କରିବା ସହିତ ରାଷ୍ଟ୍ରପ୍ରେମର ସଂସ୍କାର ଦେବା ପାଇଁ ସଂଘର ଶାଖା ଆରମ୍ଭ କରିଥିଲେ । କ୍ରମଶଃ ସଂଘର ଶାଖା ନାଗପୁରରୁ ମହାରାଷ୍ଟ୍ର ବ୍ୟାପି ଓ ଦେଶବ୍ୟାପୀ ହେଲା । ରାଷ୍ଟ୍ରୀୟ ସ୍ୱୟଂସେବକ ସଂଘର ଲକ୍ଷ୍ୟ ରାଷ୍ଟ୍ରର ସର୍ବାଙ୍ଗୀନ ଉନ୍ନତି ଥିବା ସମୟରେ ତାଙ୍କାଳିକ ଲକ୍ଷ୍ୟ ରାଷ୍ଟ୍ରର ସ୍ୱାଧୀନତା ଥିଲା । ଏଣୁ ଡ. ହେଡ୍‌ଗେୱାର ସ୍ୱୟଂସେବକମାନଙ୍କୁ କଂଗ୍ରେସ ଦ୍ୱାରା ଆୟୋଜିତ ସମସ୍ତ ଆନ୍ଦୋଳନରେ ସକ୍ରିୟ ଅଂଶଗ୍ରହଣ କରିବା ପାଇଁ ନିର୍ଦ୍ଦେଶ ଦେଇଥିଲେ । ନିଜେ ମଧ୍ୟ ୧୯୩୦ ମସିହାରେ ଅସହଯୋଗ ଆନ୍ଦୋଳନରେ ସକ୍ରିୟ ଅଂଶଗ୍ରହଣ କରିଥିଲେ । ସରସଂଘଚାଳକ ପଦବାର ଡ. ପରାଞ୍ଜପେଙ୍କୁ ଅର୍ପଣ କରି ସେ ଜଙ୍ଗଲ ସତ୍ୟାଗ୍ରହ କରିଥିଲେ । ୧୯୩୦ ଜୁଲାଇ ୨୧ ତାରିଖରେ ତାଙ୍କୁ ଗିରଫ କରାଯାଇ ଆଇପିସି ଦଣ୍ଡ ସଂହିତା ୧୧୭ ଧାରା ଅନ୍ତର୍ଗତ ୬ମାସ ଓ ୩୭୯ ଧାରା ଅନ୍ତର୍ଗତ ତିନିମାସ ଏହିପରି ମୋଟ ୯ମାସ ସଶ୍ରମ କାରାଦଣ୍ଡରେ ଦଣ୍ଡିତ କରାଯାଇଥିଲା । ସଂଘର ମୁଖ୍ୟ ହେଲେ ବି ଅଧିକ ସମୟରେ ସ୍ୱୟଂସେବକମାନେ ଇଂରେଜ ବିରୁଦ୍ଧରେ ଜନଜାଗରଣ ରାଜପ୍ରିବାଚନ୍ତି ସମ୍ବାଦ ନେଇ ସ୍ୱୀକାର କରିଥିଲେ । ବହୁ ସ୍ୱୟଂସେବକ ମଧ୍ୟ ଗିରଫ ହୋଇଥିଲେ । ଡ. ହେଡ୍‌ଗେୱାର ନିଜର ଓ ସଂଗଠନର ସାମୂହିକ ବ୍ୟବହାରରେ ସ୍ୱୟଂସେବକମାନଙ୍କୁ ସ୍ୱାଧୀନତା ଆନ୍ଦୋଳନରେ ପ୍ରେରଣା ଦେଇଥିଲେ । ସେ ରାଜନୈତିକ ଚେତନାରୁ ଅଧିକ ସାଂସ୍କୃତିକ ଚେତନାରେ ପ୍ରଭାବିତ ହୋଇଥାଏ । ଏଣୁ ସଂଘ ରୂପରେ ଗୋଟିଏ ଅରାଜନୈତିକ ସଙ୍ଗଠନ ସ୍ୱାଧୀନତା ଆନ୍ଦୋଳନରେ ଯେଉଁପରି ସମର୍ପଣ ଭାବନା ପ୍ରଦର୍ଶନ କରିଥିଲା ତାହା ସଂଘ ସ୍ୱୟଂସେବକଙ୍କ କାର୍ଯ୍ୟକରଣରେ ସାର୍ଥକତା ଥିଲା ।
ଆର୍ଡ଼ାରଲେଟ,ଖରବିନସାହି, କଟକ,
ମୋ-୯୪୩୭୦୧୬୭୩୪
ରକ୍ତ ଦାନ, ମହତ ଦାନ....
ରକ୍ତ ଦାନ କରନ୍ତୁ, ଅନ୍ୟର ଜୀବନ
ବଂଚାଇବାରେ ସହାୟକ ହୁଅନ୍ତୁ ।
